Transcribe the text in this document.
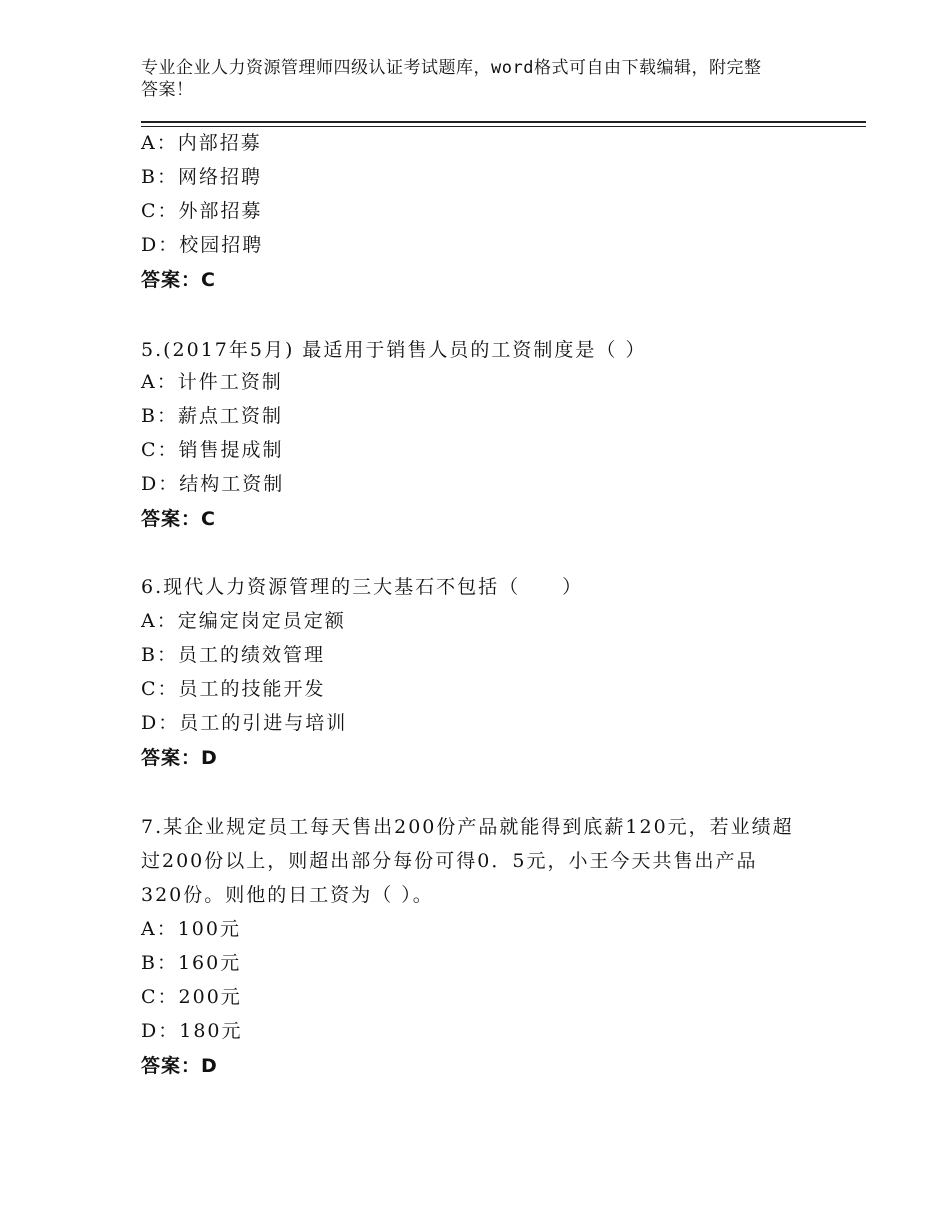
专业企业人力资源管理师四级认证考试题库，word格式可自由下载编辑，附完整
答案！
A：内部招募
B：网络招聘
C：外部招募
D：校园招聘
答案：C
5.(2017年5月) 最适用于销售人员的工资制度是（ ）
A：计件工资制
B：薪点工资制
C：销售提成制
D：结构工资制
答案：C
6.现代人力资源管理的三大基石不包括（　　）
A：定编定岗定员定额
B：员工的绩效管理
C：员工的技能开发
D：员工的引进与培训
答案：D
7.某企业规定员工每天售出200份产品就能得到底薪120元，若业绩超
过200份以上，则超出部分每份可得0．5元，小王今天共售出产品
320份。则他的日工资为（ ）。
A：100元
B：160元
C：200元
D：180元
答案：D
